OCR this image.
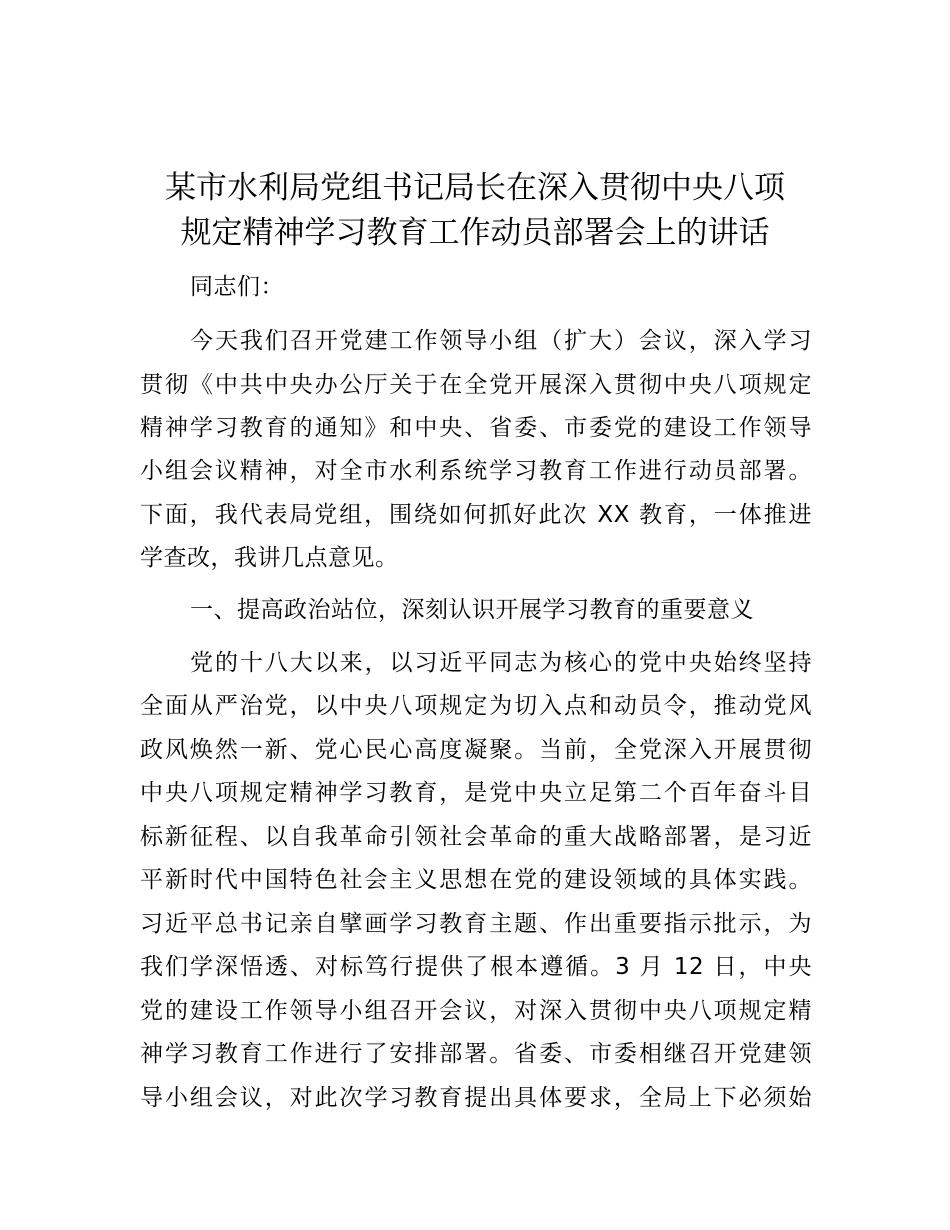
某市水利局党组书记局长在深入贯彻中央八项
规定精神学习教育工作动员部署会上的讲话
同志们：
今天我们召开党建工作领导小组（扩大）会议，深入学习
贯彻《中共中央办公厅关于在全党开展深入贯彻中央八项规定
精神学习教育的通知》和中央、省委、市委党的建设工作领导
小组会议精神，对全市水利系统学习教育工作进行动员部署。
下面，我代表局党组，围绕如何抓好此次 XX 教育，一体推进
学查改，我讲几点意见。
一、提高政治站位，深刻认识开展学习教育的重要意义
党的十八大以来，以习近平同志为核心的党中央始终坚持
全面从严治党，以中央八项规定为切入点和动员令，推动党风
政风焕然一新、党心民心高度凝聚。当前，全党深入开展贯彻
中央八项规定精神学习教育，是党中央立足第二个百年奋斗目
标新征程、以自我革命引领社会革命的重大战略部署，是习近
平新时代中国特色社会主义思想在党的建设领域的具体实践。
习近平总书记亲自擘画学习教育主题、作出重要指示批示，为
我们学深悟透、对标笃行提供了根本遵循。3 月 12 日，中央
党的建设工作领导小组召开会议，对深入贯彻中央八项规定精
神学习教育工作进行了安排部署。省委、市委相继召开党建领
导小组会议，对此次学习教育提出具体要求，全局上下必须始
